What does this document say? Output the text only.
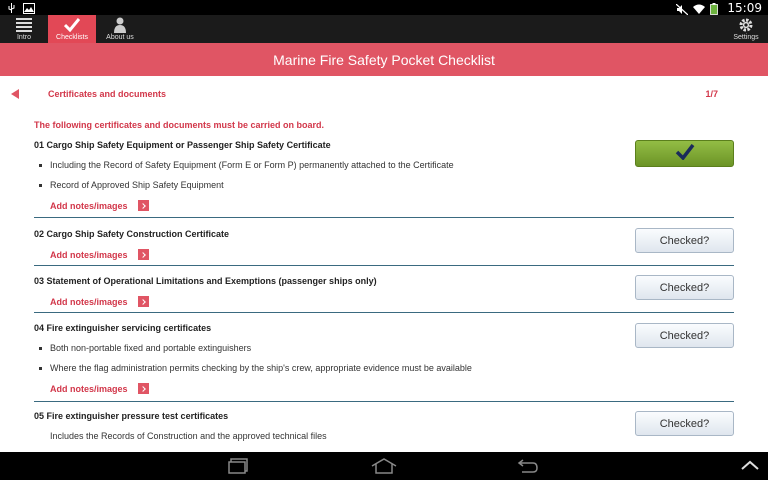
15:09
Intro	Checklists	About us	Settings
Marine Fire Safety Pocket Checklist
Certificates and documents	1/7
The following certificates and documents must be carried on board.
01 Cargo Ship Safety Equipment or Passenger Ship Safety Certificate
Including the Record of Safety Equipment (Form E or Form P) permanently attached to the Certificate
Record of Approved Ship Safety Equipment
Add notes/images
02 Cargo Ship Safety Construction Certificate
Add notes/images
Checked?
03 Statement of Operational Limitations and Exemptions (passenger ships only)
Add notes/images
Checked?
04 Fire extinguisher servicing certificates
Both non-portable fixed and portable extinguishers
Where the flag administration permits checking by the ship's crew, appropriate evidence must be available
Add notes/images
Checked?
05 Fire extinguisher pressure test certificates
Includes the Records of Construction and the approved technical files
Checked?
